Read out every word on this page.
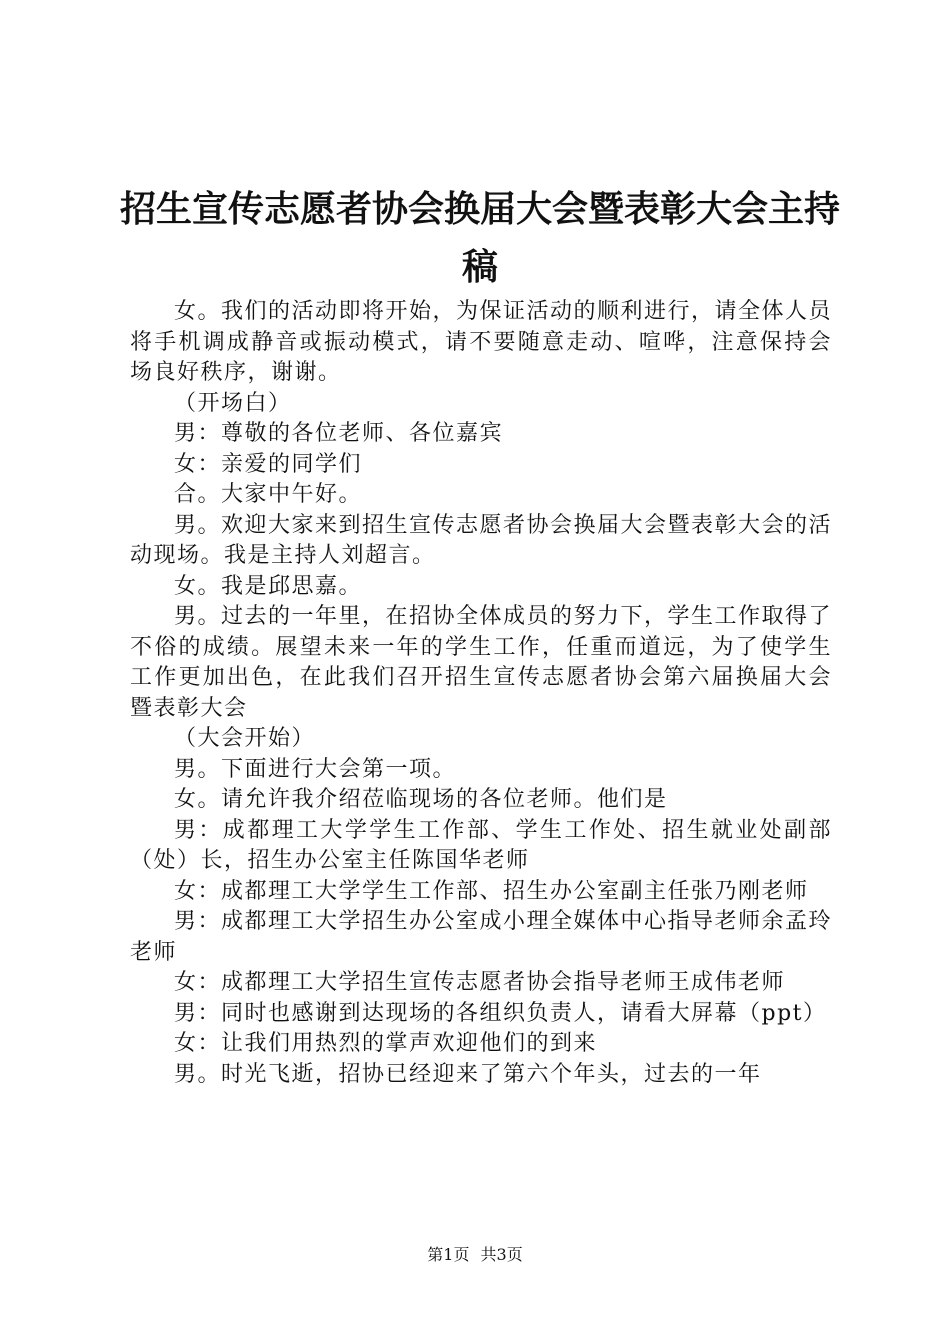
招生宣传志愿者协会换届大会暨表彰大会主持
稿

女。我们的活动即将开始，为保证活动的顺利进行，请全体人员将手机调成静音或振动模式，请不要随意走动、喧哗，注意保持会场良好秩序，谢谢。

（开场白）

男：尊敬的各位老师、各位嘉宾

女：亲爱的同学们

合。大家中午好。

男。欢迎大家来到招生宣传志愿者协会换届大会暨表彰大会的活动现场。我是主持人刘超言。

女。我是邱思嘉。

男。过去的一年里，在招协全体成员的努力下，学生工作取得了不俗的成绩。展望未来一年的学生工作，任重而道远，为了使学生工作更加出色，在此我们召开招生宣传志愿者协会第六届换届大会暨表彰大会

（大会开始）

男。下面进行大会第一项。

女。请允许我介绍莅临现场的各位老师。他们是

男：成都理工大学学生工作部、学生工作处、招生就业处副部（处）长，招生办公室主任陈国华老师

女：成都理工大学学生工作部、招生办公室副主任张乃刚老师

男：成都理工大学招生办公室成小理全媒体中心指导老师余孟玲老师

女：成都理工大学招生宣传志愿者协会指导老师王成伟老师

男：同时也感谢到达现场的各组织负责人，请看大屏幕（ppt）

女：让我们用热烈的掌声欢迎他们的到来

男。时光飞逝，招协已经迎来了第六个年头，过去的一年

第1页 共3页
